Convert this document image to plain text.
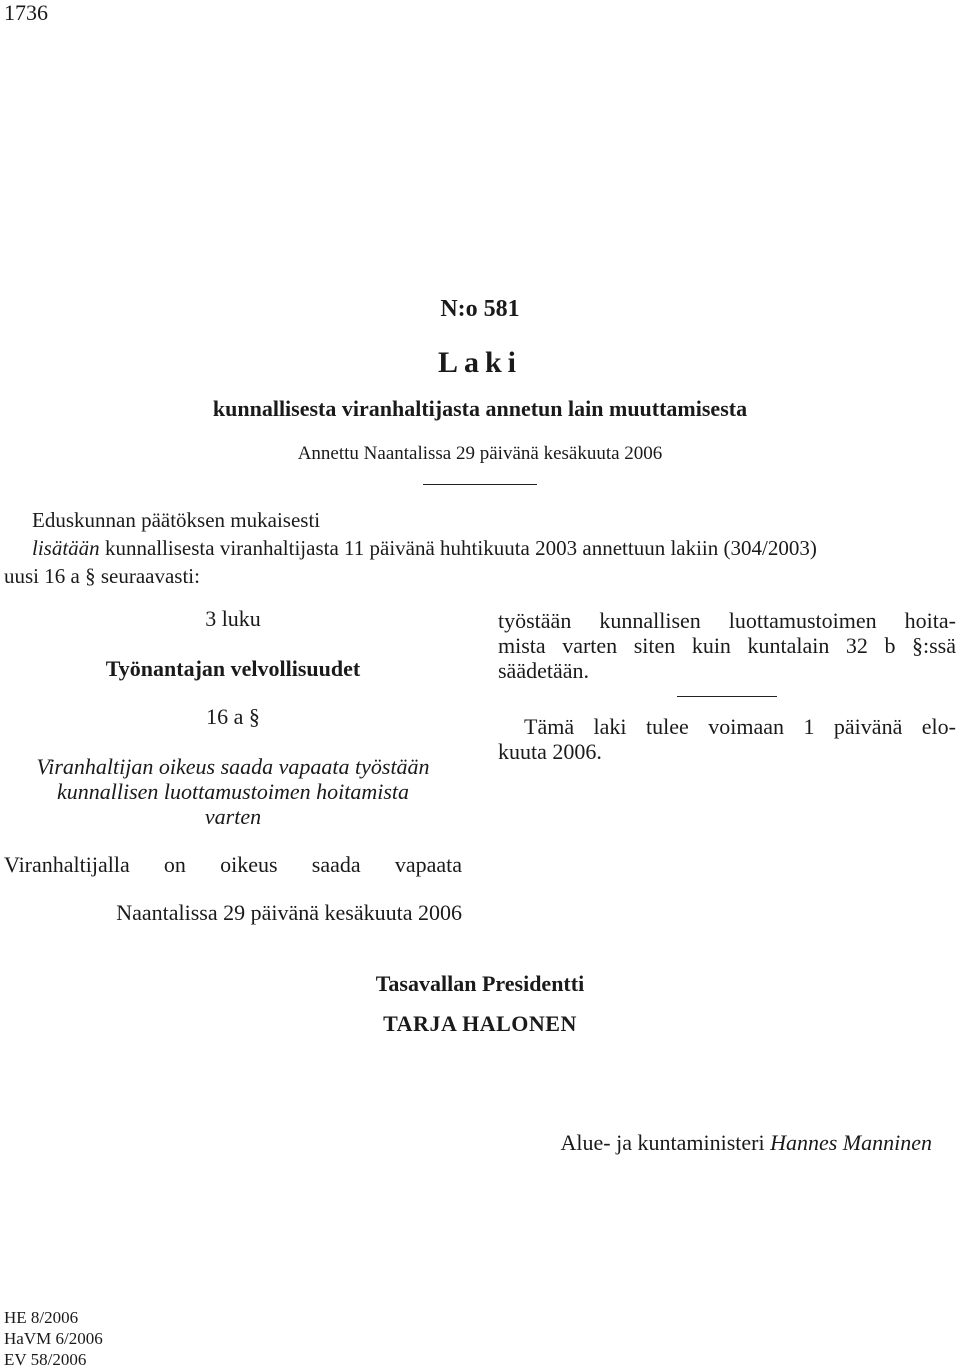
1736
N:o 581
Laki
kunnallisesta viranhaltijasta annetun lain muuttamisesta
Annettu Naantalissa 29 päivänä kesäkuuta 2006
Eduskunnan päätöksen mukaisesti
lisätään kunnallisesta viranhaltijasta 11 päivänä huhtikuuta 2003 annettuun lakiin (304/2003)
uusi 16 a § seuraavasti:
3 luku
Työnantajan velvollisuudet
16 a §
Viranhaltijan oikeus saada vapaata työstään
kunnallisen luottamustoimen hoitamista
varten
Viranhaltijalla on oikeus saada vapaata
työstään kunnallisen luottamustoimen hoita-
mista varten siten kuin kuntalain 32 b §:ssä
säädetään.
Tämä laki tulee voimaan 1 päivänä elo-
kuuta 2006.
Naantalissa 29 päivänä kesäkuuta 2006
Tasavallan Presidentti
TARJA HALONEN
Alue- ja kuntaministeri Hannes Manninen
HE 8/2006
HaVM 6/2006
EV 58/2006
